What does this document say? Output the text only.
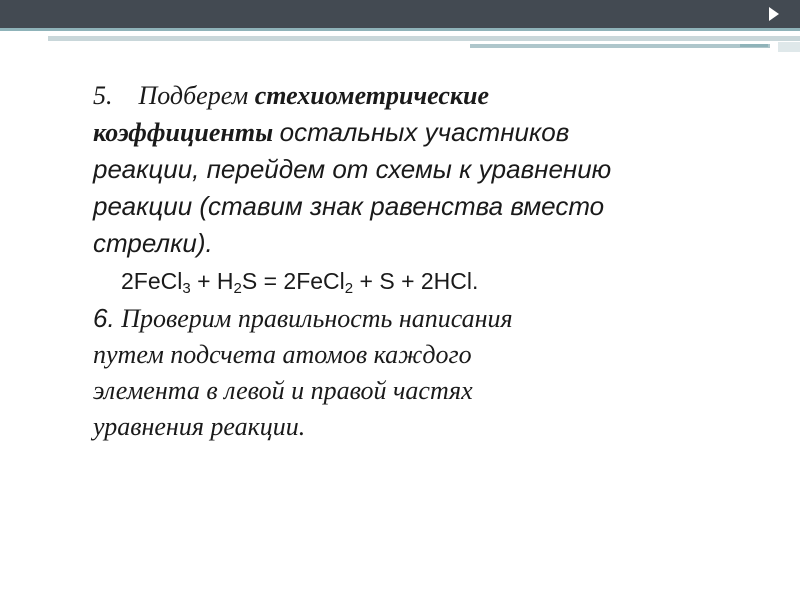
5. Подберем стехиометрические
коэффициенты остальных участников
реакции, перейдем от схемы к уравнению
реакции (ставим знак равенства вместо
стрелки).

2FeCl$_3$ + $H_2S$ = 2FeCl$_2$ + S + 2HCl.

6. Проверим правильность написания
путем подсчета атомов каждого
элемента в левой и правой частях
уравнения реакции.
